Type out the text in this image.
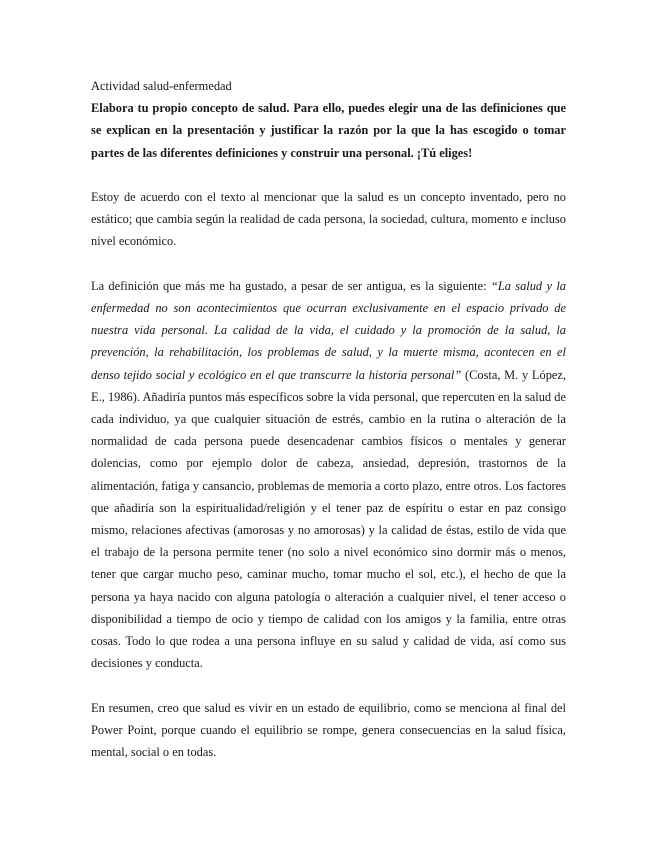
Actividad salud-enfermedad

Elabora tu propio concepto de salud. Para ello, puedes elegir una de las definiciones que se explican en la presentación y justificar la razón por la que la has escogido o tomar partes de las diferentes definiciones y construir una personal. ¡Tú eliges!

Estoy de acuerdo con el texto al mencionar que la salud es un concepto inventado, pero no estático; que cambia según la realidad de cada persona, la sociedad, cultura, momento e incluso nivel económico.

La definición que más me ha gustado, a pesar de ser antigua, es la siguiente: “La salud y la enfermedad no son acontecimientos que ocurran exclusivamente en el espacio privado de nuestra vida personal. La calidad de la vida, el cuidado y la promoción de la salud, la prevención, la rehabilitación, los problemas de salud, y la muerte misma, acontecen en el denso tejido social y ecológico en el que transcurre la historia personal” (Costa, M. y López, E., 1986). Añadiría puntos más específicos sobre la vida personal, que repercuten en la salud de cada individuo, ya que cualquier situación de estrés, cambio en la rutina o alteración de la normalidad de cada persona puede desencadenar cambios físicos o mentales y generar dolencias, como por ejemplo dolor de cabeza, ansiedad, depresión, trastornos de la alimentación, fatiga y cansancio, problemas de memoria a corto plazo, entre otros. Los factores que añadiría son la espiritualidad/religión y el tener paz de espíritu o estar en paz consigo mismo, relaciones afectivas (amorosas y no amorosas) y la calidad de éstas, estilo de vida que el trabajo de la persona permite tener (no solo a nivel económico sino dormir más o menos, tener que cargar mucho peso, caminar mucho, tomar mucho el sol, etc.), el hecho de que la persona ya haya nacido con alguna patología o alteración a cualquier nivel, el tener acceso o disponibilidad a tiempo de ocio y tiempo de calidad con los amigos y la familia, entre otras cosas. Todo lo que rodea a una persona influye en su salud y calidad de vida, así como sus decisiones y conducta.

En resumen, creo que salud es vivir en un estado de equilibrio, como se menciona al final del Power Point, porque cuando el equilibrio se rompe, genera consecuencias en la salud física, mental, social o en todas.
